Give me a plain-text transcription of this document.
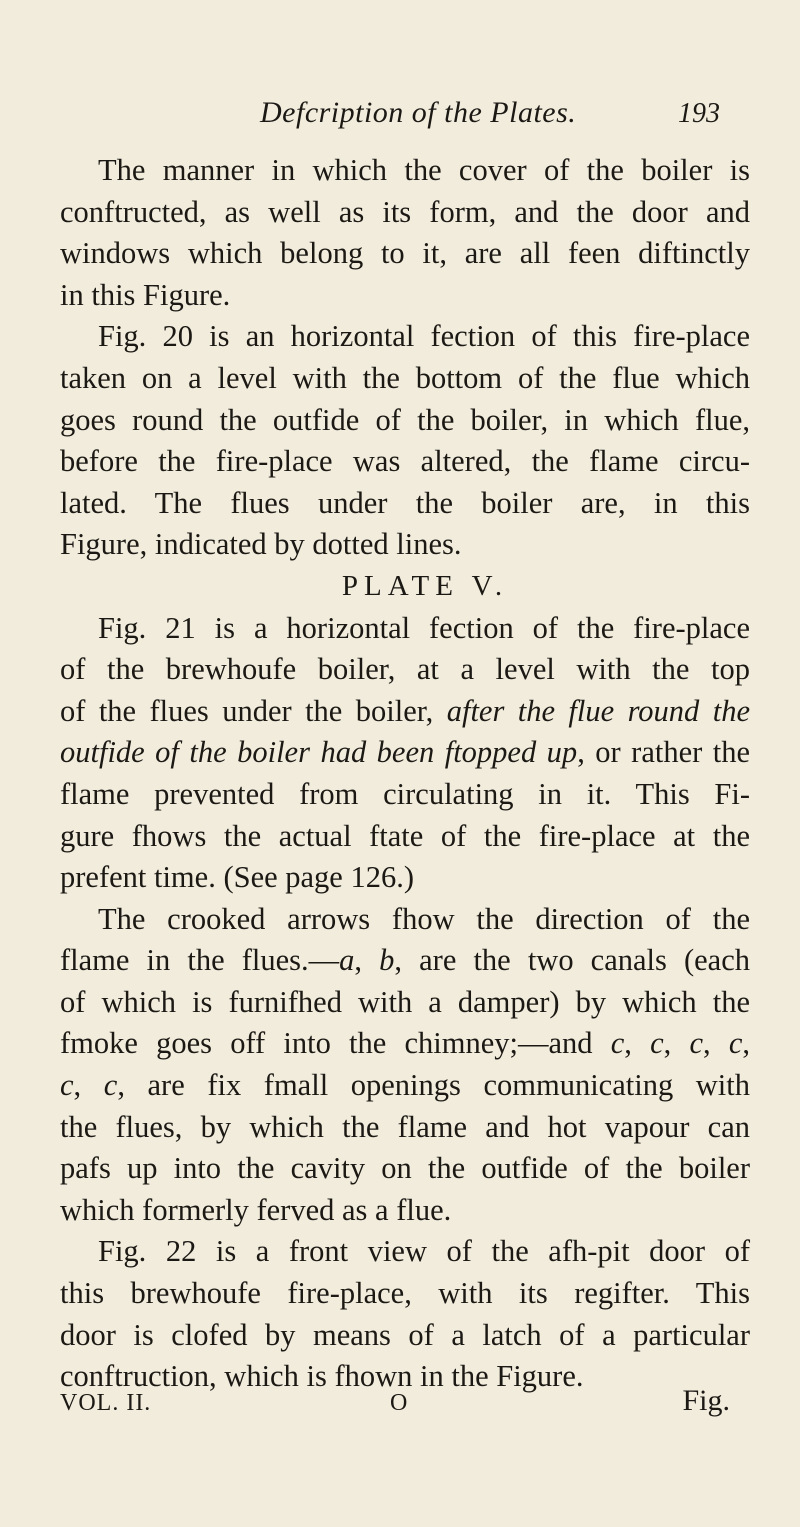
Defcription of the Plates.	193
The manner in which the cover of the boiler is
conftructed, as well as its form, and the door and
windows which belong to it, are all feen diftinctly
in this Figure.
Fig. 20 is an horizontal fection of this fire-place
taken on a level with the bottom of the flue which
goes round the outfide of the boiler, in which flue,
before the fire-place was altered, the flame circu-
lated. The flues under the boiler are, in this
Figure, indicated by dotted lines.
PLATE V.
Fig. 21 is a horizontal fection of the fire-place
of the brewhoufe boiler, at a level with the top
of the flues under the boiler, after the flue round the
outfide of the boiler had been ftopped up, or rather the
flame prevented from circulating in it. This Fi-
gure fhows the actual ftate of the fire-place at the
prefent time. (See page 126.)
The crooked arrows fhow the direction of the
flame in the flues.—a, b, are the two canals (each
of which is furnifhed with a damper) by which the
fmoke goes off into the chimney;—and c, c, c, c,
c, c, are fix fmall openings communicating with
the flues, by which the flame and hot vapour can
pafs up into the cavity on the outfide of the boiler
which formerly ferved as a flue.
Fig. 22 is a front view of the afh-pit door of
this brewhoufe fire-place, with its regifter. This
door is clofed by means of a latch of a particular
conftruction, which is fhown in the Figure.
VOL. II.	O	Fig.
